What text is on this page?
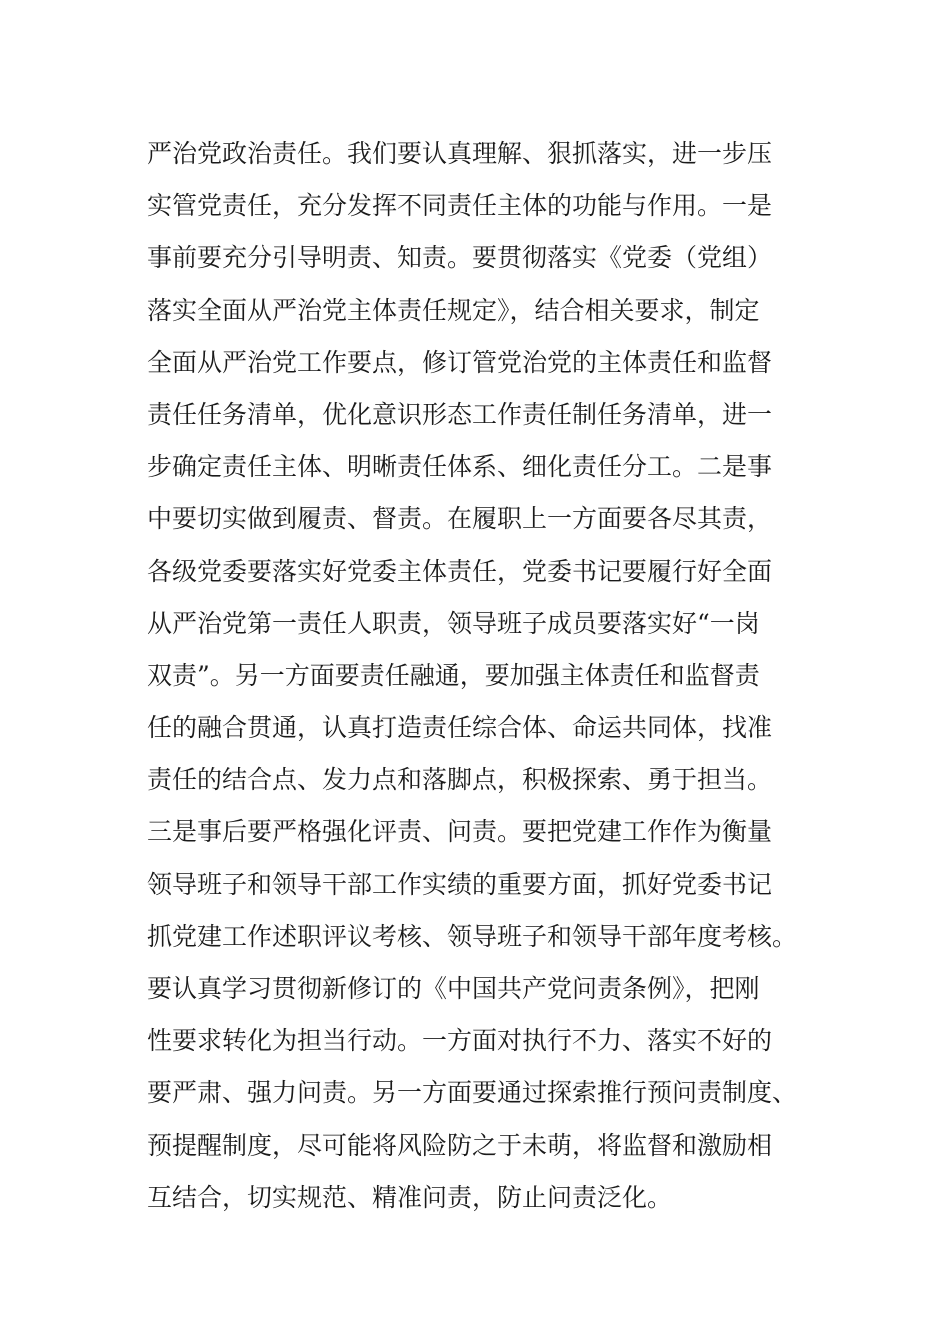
严治党政治责任。我们要认真理解、狠抓落实，进一步压
实管党责任，充分发挥不同责任主体的功能与作用。一是
事前要充分引导明责、知责。要贯彻落实《党委（党组）
落实全面从严治党主体责任规定》，结合相关要求，制定
全面从严治党工作要点，修订管党治党的主体责任和监督
责任任务清单，优化意识形态工作责任制任务清单，进一
步确定责任主体、明晰责任体系、细化责任分工。二是事
中要切实做到履责、督责。在履职上一方面要各尽其责，
各级党委要落实好党委主体责任，党委书记要履行好全面
从严治党第一责任人职责，领导班子成员要落实好“一岗
双责”。另一方面要责任融通，要加强主体责任和监督责
任的融合贯通，认真打造责任综合体、命运共同体，找准
责任的结合点、发力点和落脚点，积极探索、勇于担当。
三是事后要严格强化评责、问责。要把党建工作作为衡量
领导班子和领导干部工作实绩的重要方面，抓好党委书记
抓党建工作述职评议考核、领导班子和领导干部年度考核。
要认真学习贯彻新修订的《中国共产党问责条例》，把刚
性要求转化为担当行动。一方面对执行不力、落实不好的
要严肃、强力问责。另一方面要通过探索推行预问责制度、
预提醒制度，尽可能将风险防之于未萌，将监督和激励相
互结合，切实规范、精准问责，防止问责泛化。
